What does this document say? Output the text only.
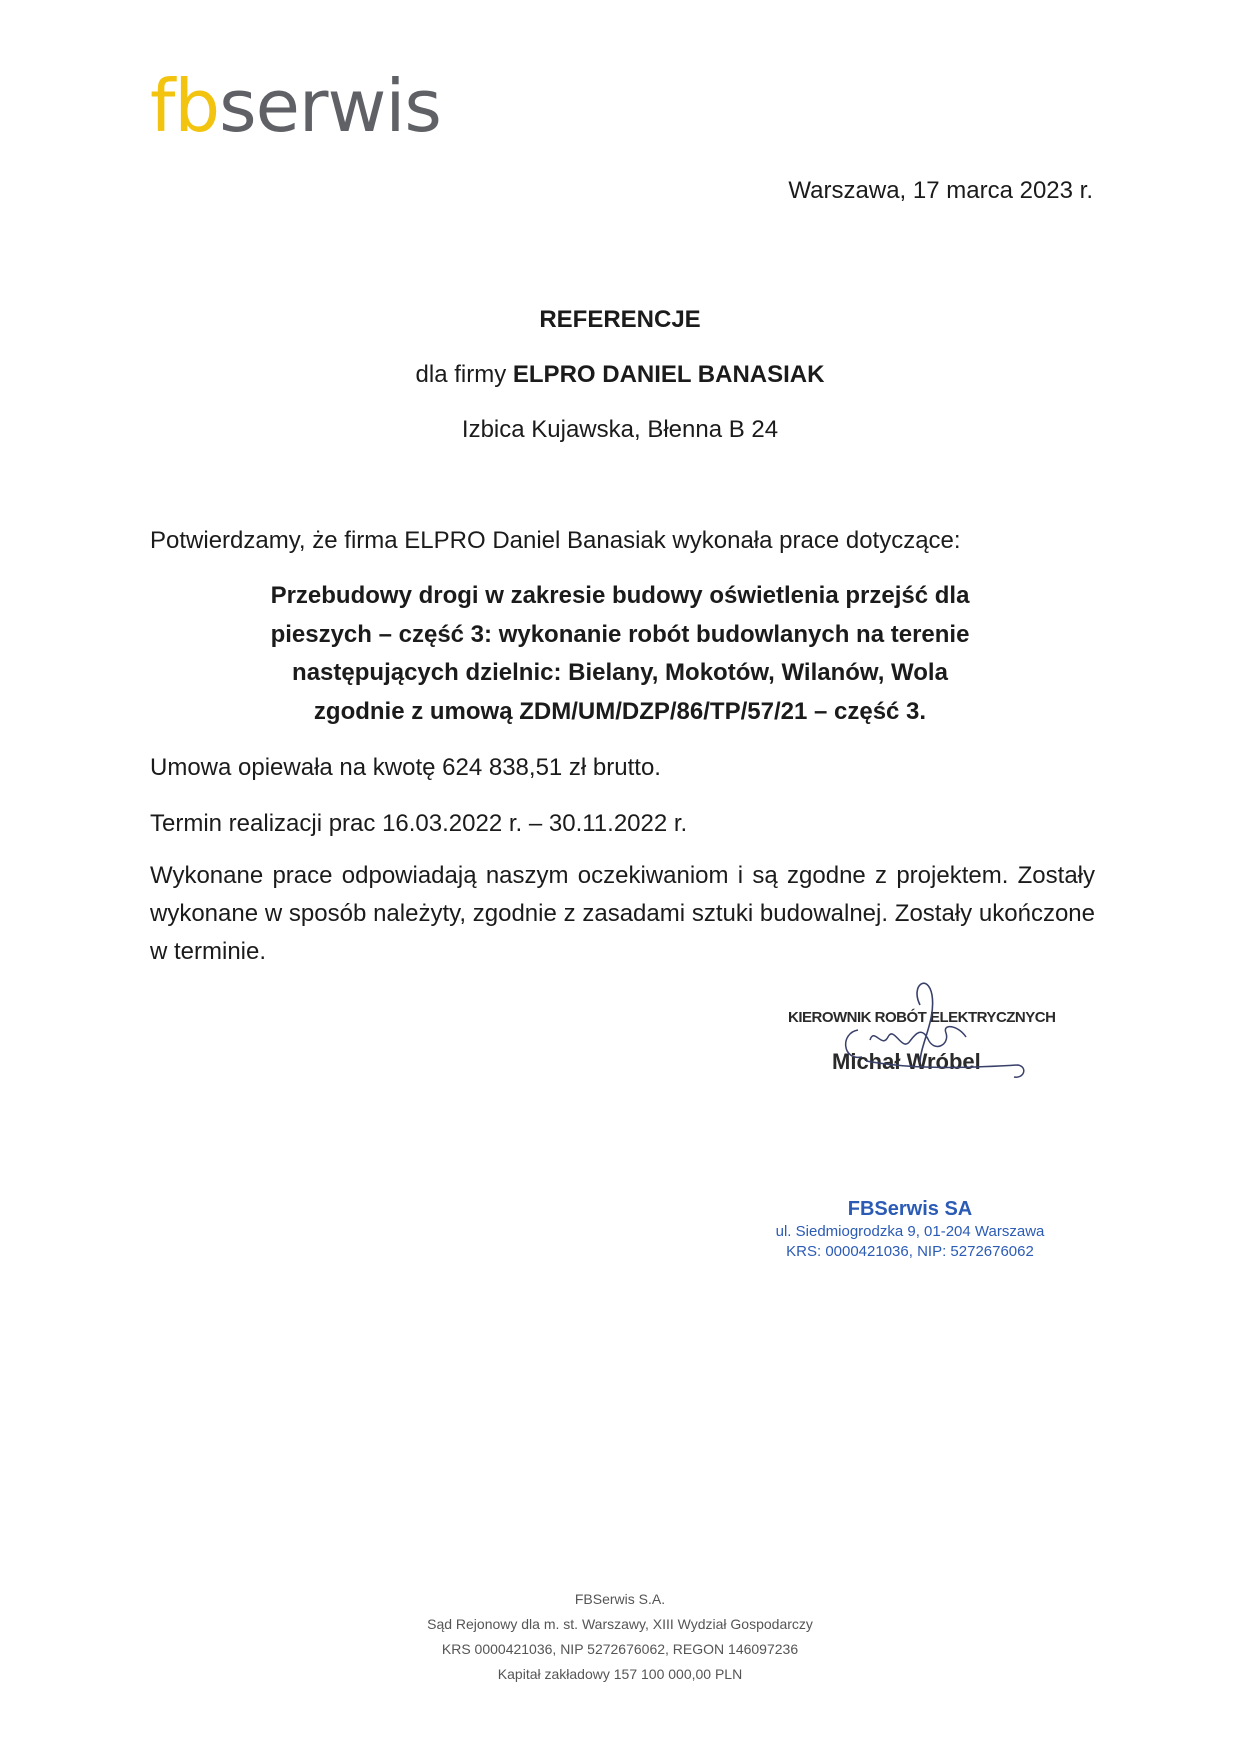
fbserwis
Warszawa, 17 marca 2023 r.
REFERENCJE
dla firmy ELPRO DANIEL BANASIAK
Izbica Kujawska, Błenna B 24
Potwierdzamy, że firma ELPRO Daniel Banasiak wykonała prace dotyczące:
Przebudowy drogi w zakresie budowy oświetlenia przejść dla
pieszych – część 3: wykonanie robót budowlanych na terenie
następujących dzielnic: Bielany, Mokotów, Wilanów, Wola
zgodnie z umową ZDM/UM/DZP/86/TP/57/21 – część 3.
Umowa opiewała na kwotę 624 838,51 zł brutto.
Termin realizacji prac 16.03.2022 r. – 30.11.2022 r.
Wykonane prace odpowiadają naszym oczekiwaniom i są zgodne z projektem. Zostały wykonane w sposób należyty, zgodnie z zasadami sztuki budowalnej. Zostały ukończone w terminie.
KIEROWNIK ROBÓT ELEKTRYCZNYCH
Michał Wróbel
FBSerwis SA
ul. Siedmiogrodzka 9, 01-204 Warszawa
KRS: 0000421036, NIP: 5272676062
FBSerwis S.A.
Sąd Rejonowy dla m. st. Warszawy, XIII Wydział Gospodarczy
KRS 0000421036, NIP 5272676062, REGON 146097236
Kapitał zakładowy 157 100 000,00 PLN
